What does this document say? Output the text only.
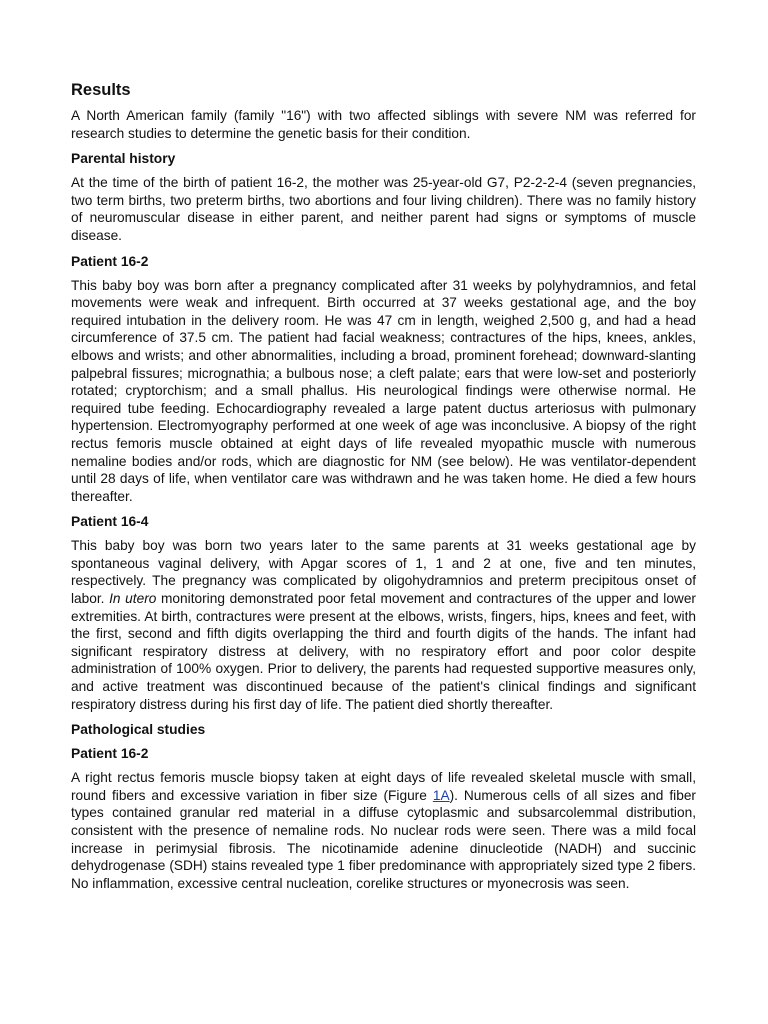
Results

A North American family (family "16") with two affected siblings with severe NM was referred for research studies to determine the genetic basis for their condition.

Parental history

At the time of the birth of patient 16-2, the mother was 25-year-old G7, P2-2-2-4 (seven pregnancies, two term births, two preterm births, two abortions and four living children). There was no family history of neuromuscular disease in either parent, and neither parent had signs or symptoms of muscle disease.

Patient 16-2

This baby boy was born after a pregnancy complicated after 31 weeks by polyhydramnios, and fetal movements were weak and infrequent. Birth occurred at 37 weeks gestational age, and the boy required intubation in the delivery room. He was 47 cm in length, weighed 2,500 g, and had a head circumference of 37.5 cm. The patient had facial weakness; contractures of the hips, knees, ankles, elbows and wrists; and other abnormalities, including a broad, prominent forehead; downward-slanting palpebral fissures; micrognathia; a bulbous nose; a cleft palate; ears that were low-set and posteriorly rotated; cryptorchism; and a small phallus. His neurological findings were otherwise normal. He required tube feeding. Echocardiography revealed a large patent ductus arteriosus with pulmonary hypertension. Electromyography performed at one week of age was inconclusive. A biopsy of the right rectus femoris muscle obtained at eight days of life revealed myopathic muscle with numerous nemaline bodies and/or rods, which are diagnostic for NM (see below). He was ventilator-dependent until 28 days of life, when ventilator care was withdrawn and he was taken home. He died a few hours thereafter.

Patient 16-4

This baby boy was born two years later to the same parents at 31 weeks gestational age by spontaneous vaginal delivery, with Apgar scores of 1, 1 and 2 at one, five and ten minutes, respectively. The pregnancy was complicated by oligohydramnios and preterm precipitous onset of labor. In utero monitoring demonstrated poor fetal movement and contractures of the upper and lower extremities. At birth, contractures were present at the elbows, wrists, fingers, hips, knees and feet, with the first, second and fifth digits overlapping the third and fourth digits of the hands. The infant had significant respiratory distress at delivery, with no respiratory effort and poor color despite administration of 100% oxygen. Prior to delivery, the parents had requested supportive measures only, and active treatment was discontinued because of the patient's clinical findings and significant respiratory distress during his first day of life. The patient died shortly thereafter.

Pathological studies
Patient 16-2

A right rectus femoris muscle biopsy taken at eight days of life revealed skeletal muscle with small, round fibers and excessive variation in fiber size (Figure 1A). Numerous cells of all sizes and fiber types contained granular red material in a diffuse cytoplasmic and subsarcolemmal distribution, consistent with the presence of nemaline rods. No nuclear rods were seen. There was a mild focal increase in perimysial fibrosis. The nicotinamide adenine dinucleotide (NADH) and succinic dehydrogenase (SDH) stains revealed type 1 fiber predominance with appropriately sized type 2 fibers. No inflammation, excessive central nucleation, corelike structures or myonecrosis was seen.
